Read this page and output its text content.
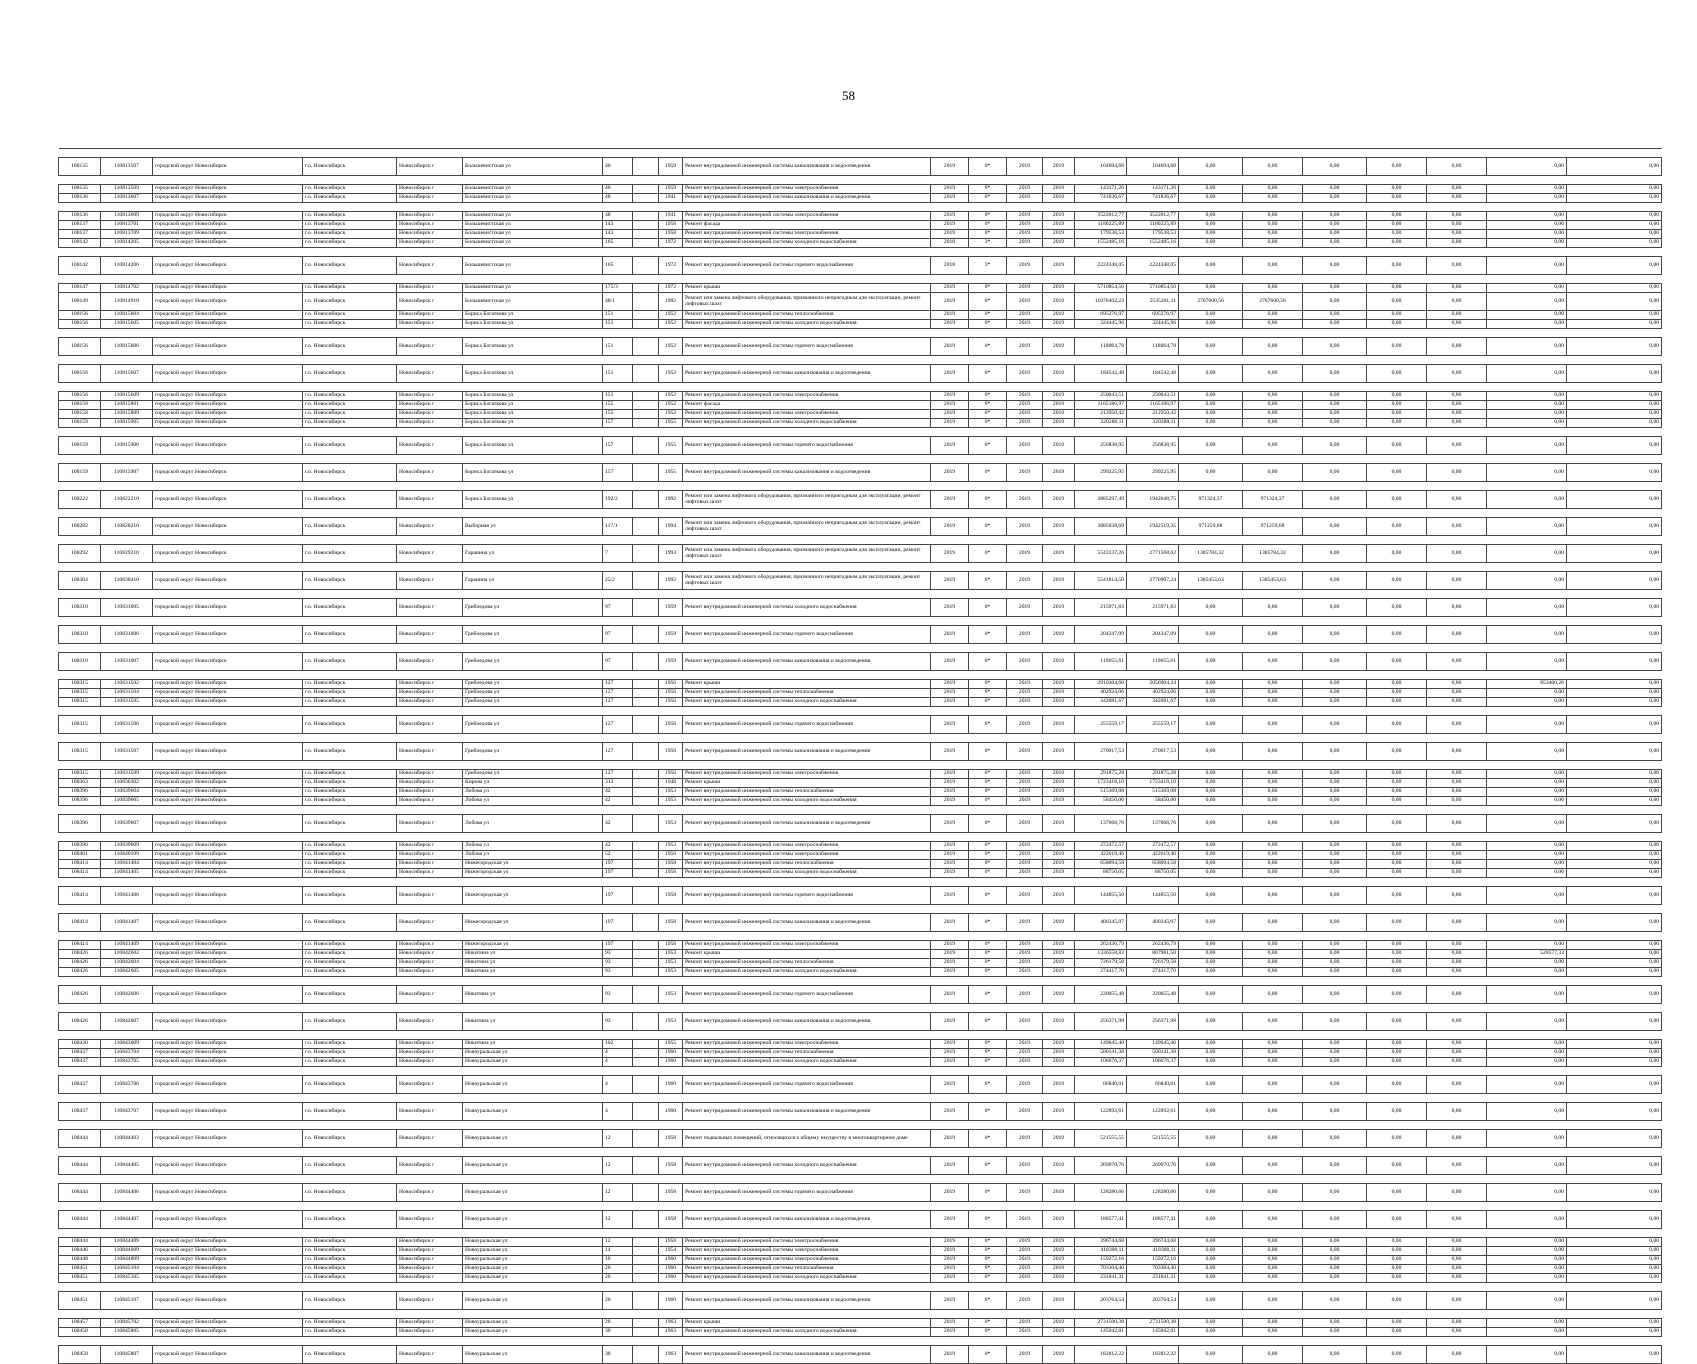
58

108135	110813507	городской округ Новосибирск	г.о. Новосибирск	Новосибирск г	Большевистская ул	40		1959	Ремонт внутридомовой инженерной системы канализования и водоотведения	2019	0*	2019	2019	104694,68	104694,68	0,00	0,00	0,00	0,00	0,00	0,00	0,00

108135	110813509	городской округ Новосибирск	г.о. Новосибирск	Новосибирск г	Большевистская ул	40		1959	Ремонт внутридомовой инженерной системы электроснабжения	2019	0*	2019	2019	143171,26	143171,26	0,00	0,00	0,00	0,00	0,00	0,00	0,00
108136	110813607	городской округ Новосибирск	г.о. Новосибирск	Новосибирск г	Большевистская ул	48		1941	Ремонт внутридомовой инженерной системы канализования и водоотведения	2019	0*	2019	2019	741836,67	741836,67	0,00	0,00	0,00	0,00	0,00	0,00	0,00

108136	110813609	городской округ Новосибирск	г.о. Новосибирск	Новосибирск г	Большевистская ул	48		1941	Ремонт внутридомовой инженерной системы электроснабжения	2019	0*	2019	2019	3522012,77	3522012,77	0,00	0,00	0,00	0,00	0,00	0,00	0,00
108137	110813701	городской округ Новосибирск	г.о. Новосибирск	Новосибирск г	Большевистская ул	143		1958	Ремонт фасада	2019	0*	2019	2019	1180225,89	1180225,89	0,00	0,00	0,00	0,00	0,00	0,00	0,00
108137	110813709	городской округ Новосибирск	г.о. Новосибирск	Новосибирск г	Большевистская ул	143		1958	Ремонт внутридомовой инженерной системы электроснабжения	2019	0*	2019	2019	179538,53	179538,53	0,00	0,00	0,00	0,00	0,00	0,00	0,00
108142	110814205	городской округ Новосибирск	г.о. Новосибирск	Новосибирск г	Большевистская ул	165		1972	Ремонт внутридомовой инженерной системы холодного водоснабжения	2018	3*	2019	2019	1552485,16	1552485,16	0,00	0,00	0,00	0,00	0,00	0,00	0,00

108142	110814206	городской округ Новосибирск	г.о. Новосибирск	Новосибирск г	Большевистская ул	165		1972	Ремонт внутридомовой инженерной системы горячего водоснабжения	2018	3*	2019	2019	2224348,05	2224348,05	0,00	0,00	0,00	0,00	0,00	0,00	0,00

108147	110814702	городской округ Новосибирск	г.о. Новосибирск	Новосибирск г	Большевистская ул	175/3		1972	Ремонт крыши	2019	0*	2019	2019	5710854,56	5710854,56	0,00	0,00	0,00	0,00	0,00	0,00	0,00
108149	110814910	городской округ Новосибирск	г.о. Новосибирск	Новосибирск г	Большевистская ул	48/1		1992	Ремонт или замена лифтового оборудования, признанного непригодным для эксплуатации, ремонт лифтовых шахт	2019	0*	2019	2019	11070402,23	5535201,11	2767600,56	2767600,56	0,00	0,00	0,00	0,00	0,00
108156	110815604	городской округ Новосибирск	г.о. Новосибирск	Новосибирск г	Бориса Богаткова ул	151		1952	Ремонт внутридомовой инженерной системы теплоснабжения	2019	0*	2019	2019	695276,97	695276,97	0,00	0,00	0,00	0,00	0,00	0,00	0,00
108156	110815605	городской округ Новосибирск	г.о. Новосибирск	Новосибирск г	Бориса Богаткова ул	151		1952	Ремонт внутридомовой инженерной системы холодного водоснабжения	2019	0*	2019	2019	324445,96	324445,96	0,00	0,00	0,00	0,00	0,00	0,00	0,00

108156	110815606	городской округ Новосибирск	г.о. Новосибирск	Новосибирск г	Бориса Богаткова ул	151		1952	Ремонт внутридомовой инженерной системы горячего водоснабжения	2019	0*	2019	2019	118064,78	118064,78	0,00	0,00	0,00	0,00	0,00	0,00	0,00

108156	110815607	городской округ Новосибирск	г.о. Новосибирск	Новосибирск г	Бориса Богаткова ул	151		1952	Ремонт внутридомовой инженерной системы канализования и водоотведения	2019	0*	2019	2019	184542,48	184542,48	0,00	0,00	0,00	0,00	0,00	0,00	0,00

108156	110815609	городской округ Новосибирск	г.о. Новосибирск	Новосибирск г	Бориса Богаткова ул	151		1952	Ремонт внутридомовой инженерной системы электроснабжения	2019	0*	2019	2019	250043,51	250043,51	0,00	0,00	0,00	0,00	0,00	0,00	0,00
108158	110815801	городской округ Новосибирск	г.о. Новосибирск	Новосибирск г	Бориса Богаткова ул	155		1952	Ремонт фасада	2019	0*	2019	2019	1165186,97	1165186,97	0,00	0,00	0,00	0,00	0,00	0,00	0,00
108158	110815809	городской округ Новосибирск	г.о. Новосибирск	Новосибирск г	Бориса Богаткова ул	155		1952	Ремонт внутридомовой инженерной системы электроснабжения	2019	0*	2019	2019	212950,42	212950,42	0,00	0,00	0,00	0,00	0,00	0,00	0,00
108159	110815905	городской округ Новосибирск	г.о. Новосибирск	Новосибирск г	Бориса Богаткова ул	157		1955	Ремонт внутридомовой инженерной системы холодного водоснабжения	2019	0*	2019	2019	320288,11	320288,11	0,00	0,00	0,00	0,00	0,00	0,00	0,00

108159	110815906	городской округ Новосибирск	г.о. Новосибирск	Новосибирск г	Бориса Богаткова ул	157		1955	Ремонт внутридомовой инженерной системы горячего водоснабжения	2019	0*	2019	2019	256838,95	256838,95	0,00	0,00	0,00	0,00	0,00	0,00	0,00

108159	110815907	городской округ Новосибирск	г.о. Новосибирск	Новосибирск г	Бориса Богаткова ул	157		1955	Ремонт внутридомовой инженерной системы канализования и водоотведения	2019	0*	2019	2019	299225,95	299225,95	0,00	0,00	0,00	0,00	0,00	0,00	0,00

108222	110822210	городской округ Новосибирск	г.о. Новосибирск	Новосибирск г	Бориса Богаткова ул	192/2		1992	Ремонт или замена лифтового оборудования, признанного непригодным для эксплуатации, ремонт лифтовых шахт	2019	0*	2019	2019	3885297,49	1942648,75	971324,37	971324,37	0,00	0,00	0,00	0,00	0,00

108282	110828210	городской округ Новосибирск	г.о. Новосибирск	Новосибирск г	Выборная ул	117/1		1994	Ремонт или замена лифтового оборудования, признанного непригодным для эксплуатации, ремонт лифтовых шахт	2019	0*	2019	2019	3885038,69	1942519,35	971259,68	971259,68	0,00	0,00	0,00	0,00	0,00

108292	110829210	городской округ Новосибирск	г.о. Новосибирск	Новосибирск г	Гаранина ул	7		1993	Ремонт или замена лифтового оборудования, признанного непригодным для эксплуатации, ремонт лифтовых шахт	2019	0*	2019	2019	5543137,26	2771568,62	1385784,32	1385784,32	0,00	0,00	0,00	0,00	0,00

108304	110830410	городской округ Новосибирск	г.о. Новосибирск	Новосибирск г	Гаранина ул	25/2		1992	Ремонт или замена лифтового оборудования, признанного непригодным для эксплуатации, ремонт лифтовых шахт	2019	0*	2019	2019	5541814,50	2770907,24	1385453,63	1385453,63	0,00	0,00	0,00	0,00	0,00

108310	110831005	городской округ Новосибирск	г.о. Новосибирск	Новосибирск г	Грибоедова ул	97		1959	Ремонт внутридомовой инженерной системы холодного водоснабжения	2019	0*	2019	2019	215971,83	215971,83	0,00	0,00	0,00	0,00	0,00	0,00	0,00

108310	110831006	городской округ Новосибирск	г.о. Новосибирск	Новосибирск г	Грибоедова ул	97		1959	Ремонт внутридомовой инженерной системы горячего водоснабжения	2019	0*	2019	2019	204347,09	204347,09	0,00	0,00	0,00	0,00	0,00	0,00	0,00

108310	110831007	городской округ Новосибирск	г.о. Новосибирск	Новосибирск г	Грибоедова ул	97		1959	Ремонт внутридомовой инженерной системы канализования и водоотведения	2019	0*	2019	2019	119055,61	119055,61	0,00	0,00	0,00	0,00	0,00	0,00	0,00

108315	110831502	городской округ Новосибирск	г.о. Новосибирск	Новосибирск г	Грибоедова ул	127		1956	Ремонт крыши	2019	0*	2019	2019	2910304,60	2056904,34	0,00	0,00	0,00	0,00	0,00	853400,26	0,00
108315	110831504	городской округ Новосибирск	г.о. Новосибирск	Новосибирск г	Грибоедова ул	127		1956	Ремонт внутридомовой инженерной системы теплоснабжения	2019	0*	2019	2019	402924,06	402924,06	0,00	0,00	0,00	0,00	0,00	0,00	0,00
108315	110831505	городской округ Новосибирск	г.о. Новосибирск	Новосибирск г	Грибоедова ул	127		1956	Ремонт внутридомовой инженерной системы холодного водоснабжения	2019	0*	2019	2019	342081,67	342081,67	0,00	0,00	0,00	0,00	0,00	0,00	0,00

108315	110831506	городской округ Новосибирск	г.о. Новосибирск	Новосибирск г	Грибоедова ул	127		1956	Ремонт внутридомовой инженерной системы горячего водоснабжения	2019	0*	2019	2019	255559,17	255559,17	0,00	0,00	0,00	0,00	0,00	0,00	0,00

108315	110831507	городской округ Новосибирск	г.о. Новосибирск	Новосибирск г	Грибоедова ул	127		1956	Ремонт внутридомовой инженерной системы канализования и водоотведения	2019	0*	2019	2019	270017,53	270017,53	0,00	0,00	0,00	0,00	0,00	0,00	0,00

108315	110831509	городской округ Новосибирск	г.о. Новосибирск	Новосибирск г	Грибоедова ул	127		1956	Ремонт внутридомовой инженерной системы электроснабжения	2019	0*	2019	2019	291875,28	291875,28	0,00	0,00	0,00	0,00	0,00	0,00	0,00
108363	110836302	городской округ Новосибирск	г.о. Новосибирск	Новосибирск г	Кирова ул	312		1948	Ремонт крыши	2019	0*	2019	2019	1723418,10	1723418,10	0,00	0,00	0,00	0,00	0,00	0,00	0,00
108396	110839604	городской округ Новосибирск	г.о. Новосибирск	Новосибирск г	Лобова ул	42		1953	Ремонт внутридомовой инженерной системы теплоснабжения	2019	0*	2019	2019	515369,08	515369,08	0,00	0,00	0,00	0,00	0,00	0,00	0,00
108396	110839605	городской округ Новосибирск	г.о. Новосибирск	Новосибирск г	Лобова ул	42		1953	Ремонт внутридомовой инженерной системы холодного водоснабжения	2019	0*	2019	2019	58450,00	58450,00	0,00	0,00	0,00	0,00	0,00	0,00	0,00

108396	110839607	городской округ Новосибирск	г.о. Новосибирск	Новосибирск г	Лобова ул	42		1953	Ремонт внутридомовой инженерной системы канализования и водоотведения	2019	0*	2019	2019	137068,76	137068,76	0,00	0,00	0,00	0,00	0,00	0,00	0,00

108396	110839609	городской округ Новосибирск	г.о. Новосибирск	Новосибирск г	Лобова ул	42		1953	Ремонт внутридомовой инженерной системы электроснабжения	2019	0*	2019	2019	272472,57	272472,57	0,00	0,00	0,00	0,00	0,00	0,00	0,00
108401	110840109	городской округ Новосибирск	г.о. Новосибирск	Новосибирск г	Лобова ул	52		1956	Ремонт внутридомовой инженерной системы электроснабжения	2019	0*	2019	2019	422619,46	422619,46	0,00	0,00	0,00	0,00	0,00	0,00	0,00
108414	110841404	городской округ Новосибирск	г.о. Новосибирск	Новосибирск г	Нижегородская ул	197		1958	Ремонт внутридомовой инженерной системы теплоснабжения	2019	0*	2019	2019	658094,58	658094,58	0,00	0,00	0,00	0,00	0,00	0,00	0,00
108414	110841405	городской округ Новосибирск	г.о. Новосибирск	Новосибирск г	Нижегородская ул	197		1958	Ремонт внутридомовой инженерной системы холодного водоснабжения	2019	0*	2019	2019	88750,05	88750,05	0,00	0,00	0,00	0,00	0,00	0,00	0,00

108414	110841406	городской округ Новосибирск	г.о. Новосибирск	Новосибирск г	Нижегородская ул	197		1958	Ремонт внутридомовой инженерной системы горячего водоснабжения	2019	0*	2019	2019	144855,50	144855,50	0,00	0,00	0,00	0,00	0,00	0,00	0,00

108414	110841407	городской округ Новосибирск	г.о. Новосибирск	Новосибирск г	Нижегородская ул	197		1958	Ремонт внутридомовой инженерной системы канализования и водоотведения	2019	0*	2019	2019	400345,07	400345,07	0,00	0,00	0,00	0,00	0,00	0,00	0,00

108414	110841409	городской округ Новосибирск	г.о. Новосибирск	Новосибирск г	Нижегородская ул	197		1958	Ремонт внутридомовой инженерной системы электроснабжения	2019	0*	2019	2019	262436,79	262436,79	0,00	0,00	0,00	0,00	0,00	0,00	0,00
108426	110842602	городской округ Новосибирск	г.о. Новосибирск	Новосибирск г	Никитина ул	93		1953	Ремонт крыши	2019	0*	2019	2019	1336558,83	807981,50	0,00	0,00	0,00	0,00	0,00	528577,33	0,00
108426	110842604	городской округ Новосибирск	г.о. Новосибирск	Новосибирск г	Никитина ул	93		1953	Ремонт внутридомовой инженерной системы теплоснабжения	2019	0*	2019	2019	726179,58	726179,58	0,00	0,00	0,00	0,00	0,00	0,00	0,00
108426	110842605	городской округ Новосибирск	г.о. Новосибирск	Новосибирск г	Никитина ул	93		1953	Ремонт внутридомовой инженерной системы холодного водоснабжения	2019	0*	2019	2019	274417,70	274417,70	0,00	0,00	0,00	0,00	0,00	0,00	0,00

108426	110842606	городской округ Новосибирск	г.о. Новосибирск	Новосибирск г	Никитина ул	93		1953	Ремонт внутридомовой инженерной системы горячего водоснабжения	2019	0*	2019	2019	220055,48	220055,48	0,00	0,00	0,00	0,00	0,00	0,00	0,00

108426	110842607	городской округ Новосибирск	г.о. Новосибирск	Новосибирск г	Никитина ул	93		1953	Ремонт внутридомовой инженерной системы канализования и водоотведения	2019	0*	2019	2019	256371,98	256371,98	0,00	0,00	0,00	0,00	0,00	0,00	0,00

108430	110843009	городской округ Новосибирск	г.о. Новосибирск	Новосибирск г	Никитина ул	102		1955	Ремонт внутридомовой инженерной системы электроснабжения	2019	0*	2019	2019	149645,40	149645,40	0,00	0,00	0,00	0,00	0,00	0,00	0,00
108437	110843704	городской округ Новосибирск	г.о. Новосибирск	Новосибирск г	Новоуральская ул	4		1960	Ремонт внутридомовой инженерной системы теплоснабжения	2019	0*	2019	2019	500141,38	500141,38	0,00	0,00	0,00	0,00	0,00	0,00	0,00
108437	110843705	городской округ Новосибирск	г.о. Новосибирск	Новосибирск г	Новоуральская ул	4		1960	Ремонт внутридомовой инженерной системы холодного водоснабжения	2019	0*	2019	2019	106076,37	106076,37	0,00	0,00	0,00	0,00	0,00	0,00	0,00

108437	110843706	городской округ Новосибирск	г.о. Новосибирск	Новосибирск г	Новоуральская ул	4		1960	Ремонт внутридомовой инженерной системы горячего водоснабжения	2019	0*	2019	2019	66840,01	66840,01	0,00	0,00	0,00	0,00	0,00	0,00	0,00

108437	110843707	городской округ Новосибирск	г.о. Новосибирск	Новосибирск г	Новоуральская ул	4		1960	Ремонт внутридомовой инженерной системы канализования и водоотведения	2019	0*	2019	2019	122892,61	122892,61	0,00	0,00	0,00	0,00	0,00	0,00	0,00

108444	110844403	городской округ Новосибирск	г.о. Новосибирск	Новосибирск г	Новоуральская ул	12		1958	Ремонт подвальных помещений, относящихся к общему имуществу в многоквартирном доме	2019	0*	2019	2019	521555,55	521555,55	0,00	0,00	0,00	0,00	0,00	0,00	0,00

108444	110844405	городской округ Новосибирск	г.о. Новосибирск	Новосибирск г	Новоуральская ул	12		1958	Ремонт внутридомовой инженерной системы холодного водоснабжения	2019	0*	2019	2019	269070,76	269070,76	0,00	0,00	0,00	0,00	0,00	0,00	0,00

108444	110844406	городской округ Новосибирск	г.о. Новосибирск	Новосибирск г	Новоуральская ул	12		1958	Ремонт внутридомовой инженерной системы горячего водоснабжения	2019	0*	2019	2019	128280,66	128280,66	0,00	0,00	0,00	0,00	0,00	0,00	0,00

108444	110844407	городской округ Новосибирск	г.о. Новосибирск	Новосибирск г	Новоуральская ул	12		1958	Ремонт внутридомовой инженерной системы канализования и водоотведения	2019	0*	2019	2019	188577,41	188577,41	0,00	0,00	0,00	0,00	0,00	0,00	0,00

108444	110844409	городской округ Новосибирск	г.о. Новосибирск	Новосибирск г	Новоуральская ул	12		1958	Ремонт внутридомовой инженерной системы электроснабжения	2019	0*	2019	2019	396744,68	396744,68	0,00	0,00	0,00	0,00	0,00	0,00	0,00
108446	110844609	городской округ Новосибирск	г.о. Новосибирск	Новосибирск г	Новоуральская ул	14		1954	Ремонт внутридомовой инженерной системы электроснабжения	2019	0*	2019	2019	418308,11	418308,11	0,00	0,00	0,00	0,00	0,00	0,00	0,00
108448	110844809	городской округ Новосибирск	г.о. Новосибирск	Новосибирск г	Новоуральская ул	16		1960	Ремонт внутридомовой инженерной системы электроснабжения	2019	0*	2019	2019	159272,16	159272,16	0,00	0,00	0,00	0,00	0,00	0,00	0,00
108451	110845104	городской округ Новосибирск	г.о. Новосибирск	Новосибирск г	Новоуральская ул	20		1960	Ремонт внутридомовой инженерной системы теплоснабжения	2019	0*	2019	2019	703304,40	703304,40	0,00	0,00	0,00	0,00	0,00	0,00	0,00
108451	110845105	городской округ Новосибирск	г.о. Новосибирск	Новосибирск г	Новоуральская ул	20		1960	Ремонт внутридомовой инженерной системы холодного водоснабжения	2019	0*	2019	2019	231841,31	231841,31	0,00	0,00	0,00	0,00	0,00	0,00	0,00

108451	110845107	городской округ Новосибирск	г.о. Новосибирск	Новосибирск г	Новоуральская ул	20		1960	Ремонт внутридомовой инженерной системы канализования и водоотведения	2019	0*	2019	2019	203764,54	203764,54	0,00	0,00	0,00	0,00	0,00	0,00	0,00

108457	110845702	городской округ Новосибирск	г.о. Новосибирск	Новосибирск г	Новоуральская ул	28		1963	Ремонт крыши	2019	0*	2019	2019	2731500,38	2731500,38	0,00	0,00	0,00	0,00	0,00	0,00	0,00
108458	110845805	городской округ Новосибирск	г.о. Новосибирск	Новосибирск г	Новоуральская ул	30		1963	Ремонт внутридомовой инженерной системы холодного водоснабжения	2019	0*	2019	2019	145042,81	145042,81	0,00	0,00	0,00	0,00	0,00	0,00	0,00

108458	110845807	городской округ Новосибирск	г.о. Новосибирск	Новосибирск г	Новоуральская ул	30		1963	Ремонт внутридомовой инженерной системы канализования и водоотведения	2019	0*	2019	2019	182812,22	182812,22	0,00	0,00	0,00	0,00	0,00	0,00	0,00
